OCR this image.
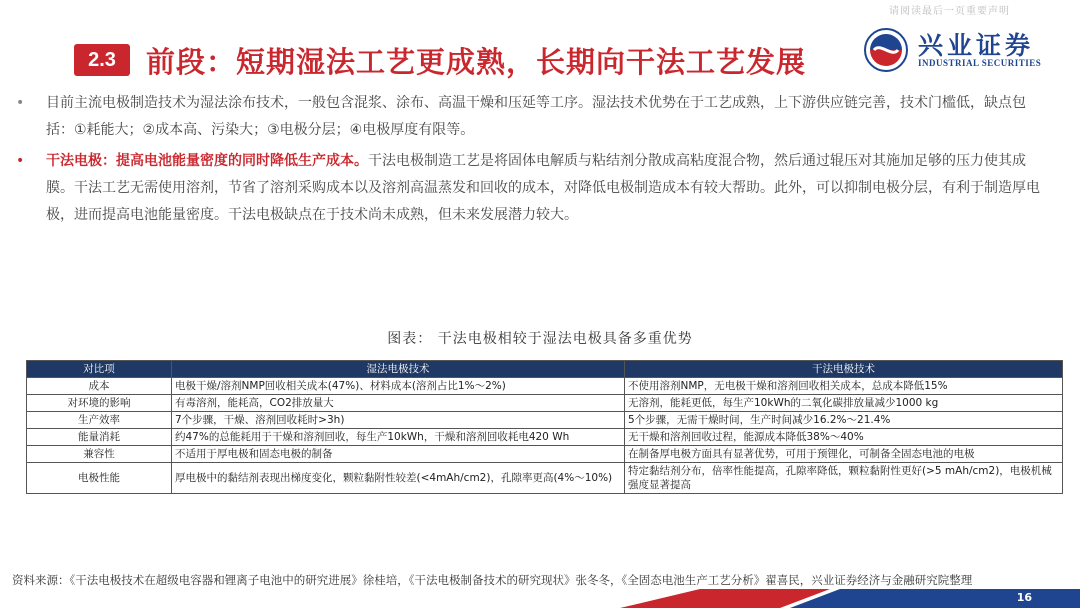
请阅读最后一页重要声明
2.3	前段：短期湿法工艺更成熟，长期向干法工艺发展	兴业证券
INDUSTRIAL SECURITIES
• 目前主流电极制造技术为湿法涂布技术，一般包含混浆、涂布、高温干燥和压延等工序。湿法技术优势在于工艺成熟，上下游供应链完善，技术门槛低，缺点包括：①耗能大；②成本高、污染大；③电极分层；④电极厚度有限等。
• 干法电极：提高电池能量密度的同时降低生产成本。干法电极制造工艺是将固体电解质与粘结剂分散成高粘度混合物，然后通过辊压对其施加足够的压力使其成膜。干法工艺无需使用溶剂，节省了溶剂采购成本以及溶剂高温蒸发和回收的成本，对降低电极制造成本有较大帮助。此外，可以抑制电极分层，有利于制造厚电极，进而提高电池能量密度。干法电极缺点在于技术尚未成熟，但未来发展潜力较大。
图表： 干法电极相较于湿法电极具备多重优势
对比项	湿法电极技术	干法电极技术
成本	电极干燥/溶剂NMP回收相关成本(47%)、材料成本(溶剂占比1%～2%)	不使用溶剂NMP，无电极干燥和溶剂回收相关成本，总成本降低15%
对环境的影响	有毒溶剂，能耗高，CO2排放量大	无溶剂，能耗更低，每生产10kWh的二氧化碳排放量减少1000 kg
生产效率	7个步骤，干燥、溶剂回收耗时>3h)	5个步骤，无需干燥时间，生产时间减少16.2%～21.4%
能量消耗	约47%的总能耗用于干燥和溶剂回收，每生产10kWh，干燥和溶剂回收耗电420 Wh	无干燥和溶剂回收过程，能源成本降低38%～40%
兼容性	不适用于厚电极和固态电极的制备	在制备厚电极方面具有显著优势，可用于预锂化，可制备全固态电池的电极
电极性能	厚电极中的黏结剂表现出梯度变化，颗粒黏附性较差(<4mAh/cm2)，孔隙率更高(4%～10%)	特定黏结剂分布，倍率性能提高，孔隙率降低，颗粒黏附性更好(>5 mAh/cm2)，电极机械强度显著提高
资料来源：《干法电极技术在超级电容器和锂离子电池中的研究进展》徐桂培，《干法电极制备技术的研究现状》张冬冬，《全固态电池生产工艺分析》翟喜民，兴业证券经济与金融研究院整理
16
